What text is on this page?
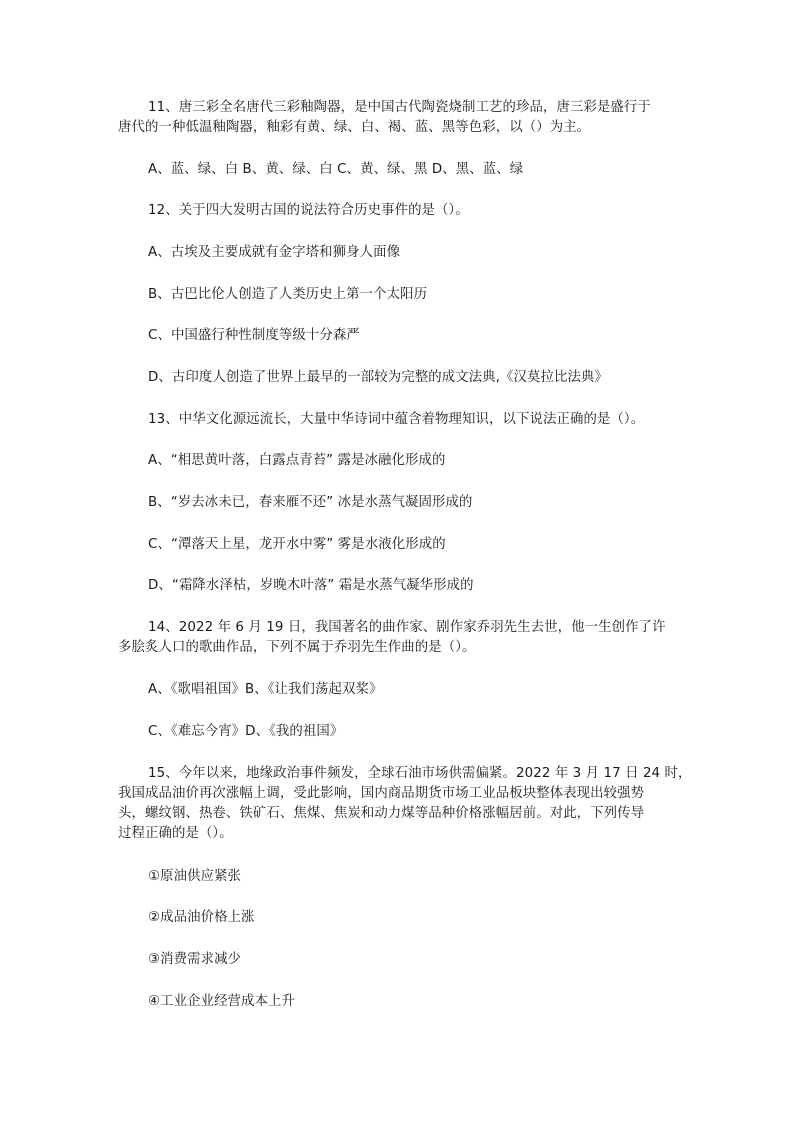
11、唐三彩全名唐代三彩釉陶器，是中国古代陶瓷烧制工艺的珍品，唐三彩是盛行于
唐代的一种低温釉陶器，釉彩有黄、绿、白、褐、蓝、黑等色彩，以（）为主。
A、蓝、绿、白 B、黄、绿、白 C、黄、绿、黑 D、黑、蓝、绿
12、关于四大发明古国的说法符合历史事件的是（）。
A、古埃及主要成就有金字塔和狮身人面像
B、古巴比伦人创造了人类历史上第一个太阳历
C、中国盛行种性制度等级十分森严
D、古印度人创造了世界上最早的一部较为完整的成文法典,《汉莫拉比法典》
13、中华文化源远流长，大量中华诗词中蕴含着物理知识，以下说法正确的是（）。
A、“相思黄叶落，白露点青苔” 露是冰融化形成的
B、“岁去冰未已，春来雁不还” 冰是水蒸气凝固形成的
C、“潭落天上星，龙开水中雾” 雾是水液化形成的
D、“霜降水泽枯，岁晚木叶落” 霜是水蒸气凝华形成的
14、2022 年 6 月 19 日，我国著名的曲作家、剧作家乔羽先生去世，他一生创作了许
多脍炙人口的歌曲作品，下列不属于乔羽先生作曲的是（）。
A、《歌唱祖国》B、《让我们荡起双桨》
C、《难忘今宵》D、《我的祖国》
15、今年以来，地缘政治事件频发，全球石油市场供需偏紧。2022 年 3 月 17 日 24 时，
我国成品油价再次涨幅上调，受此影响，国内商品期货市场工业品板块整体表现出较强势
头，螺纹钢、热卷、铁矿石、焦煤、焦炭和动力煤等品种价格涨幅居前。对此，下列传导
过程正确的是（）。
①原油供应紧张
②成品油价格上涨
③消费需求减少
④工业企业经营成本上升
